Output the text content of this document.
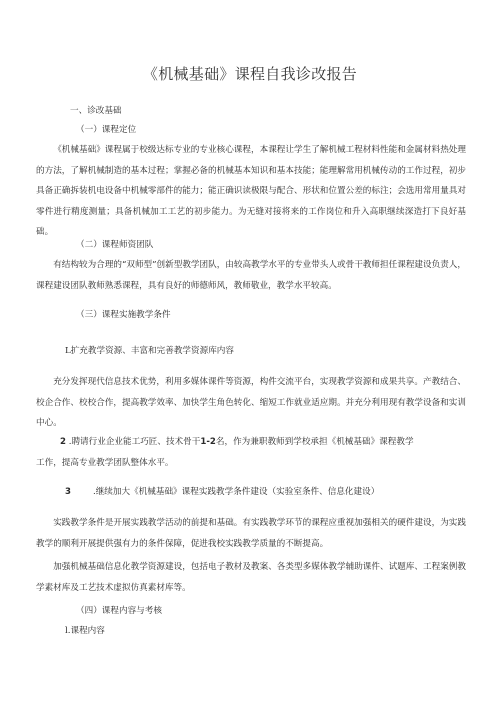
《机械基础》课程自我诊改报告
一、诊改基础
（一）课程定位
《机械基础》课程属于校级达标专业的专业核心课程，本课程让学生了解机械工程材料性能和金属材料热处理的方法，了解机械制造的基本过程；掌握必备的机械基本知识和基本技能；能理解常用机械传动的工作过程，初步具备正确拆装机电设备中机械零部件的能力；能正确识读极限与配合、形状和位置公差的标注；会选用常用量具对零件进行精度测量；具备机械加工工艺的初步能力。为无缝对接将来的工作岗位和升入高职继续深造打下良好基础。
（二）课程师资团队
有结构较为合理的“双师型”创新型教学团队，由较高教学水平的专业带头人或骨干教师担任课程建设负责人，课程建设团队教师熟悉课程，具有良好的师德师风，教师敬业，教学水平较高。
（三）课程实施教学条件
L扩充教学资源、丰富和完善教学资源库内容
充分发挥现代信息技术优势，利用多媒体课件等资源，构件交流平台，实现教学资源和成果共享。产教结合、校企合作、校校合作，提高教学效率、加快学生角色转化、缩短工作就业适应期。并充分利用现有教学设备和实训中心。
2 .聘请行业企业能工巧匠、技术骨干1-2名，作为兼职教师到学校承担《机械基础》课程教学
工作，提高专业教学团队整体水平。
3	.继续加大《机械基础》课程实践教学条件建设（实验室条件、信息化建设）
实践教学条件是开展实践教学活动的前提和基础。有实践教学环节的课程应重视加强相关的硬件建设，为实践教学的顺利开展提供强有力的条件保障，促进我校实践教学质量的不断提高。
加强机械基础信息化教学资源建设，包括电子教材及教案、各类型多媒体教学辅助课件、试题库、工程案例教学素材库及工艺技术虚拟仿真素材库等。
（四）课程内容与考核
l.课程内容
